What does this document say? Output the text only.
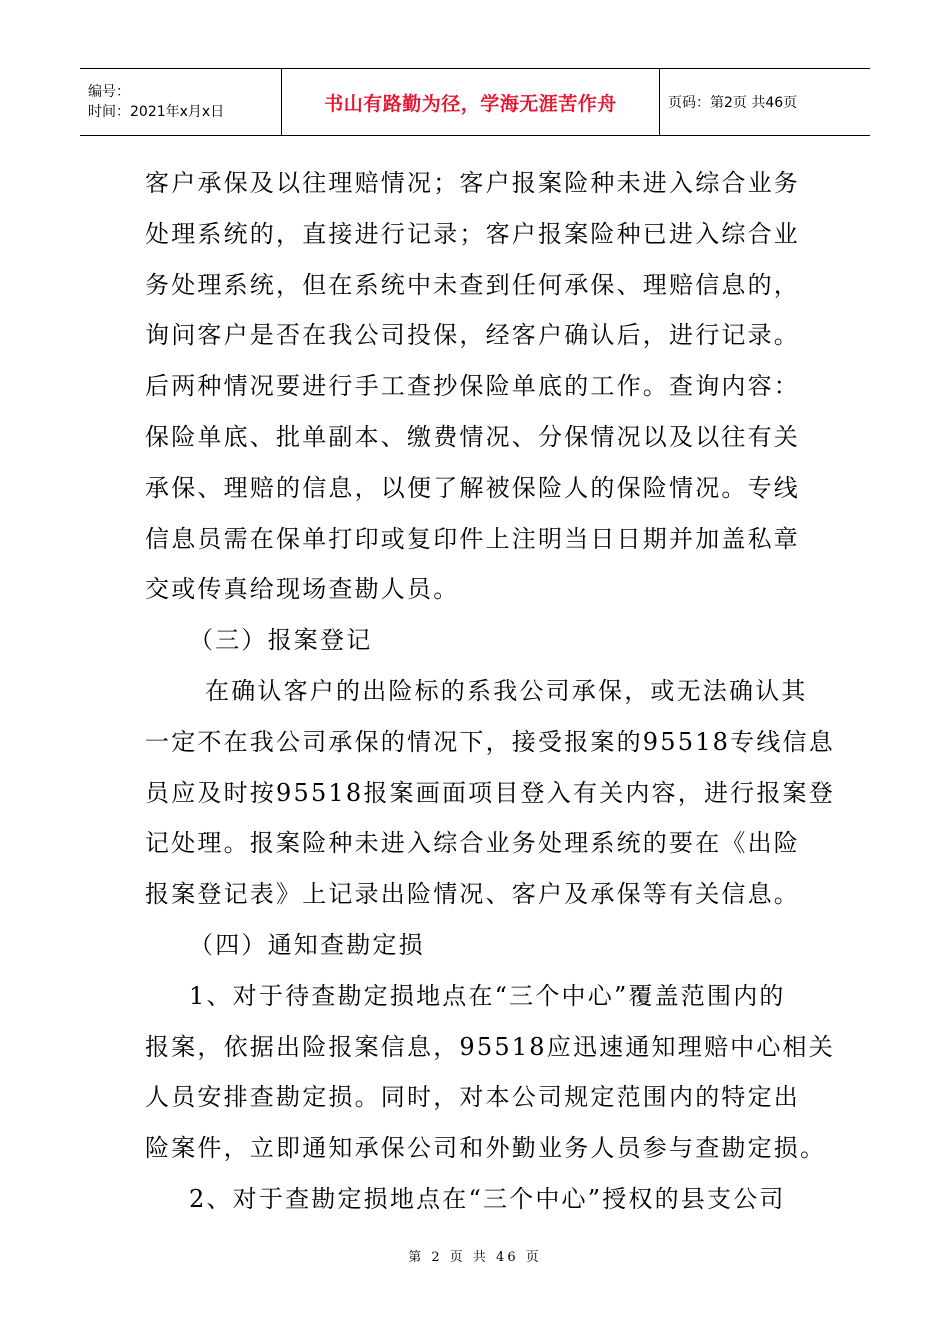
编号：
时间：2021年x月x日	书山有路勤为径，学海无涯苦作舟	页码：第2页 共46页

客户承保及以往理赔情况；客户报案险种未进入综合业务

处理系统的，直接进行记录；客户报案险种已进入综合业

务处理系统，但在系统中未查到任何承保、理赔信息的，

询问客户是否在我公司投保，经客户确认后，进行记录。

后两种情况要进行手工查抄保险单底的工作。查询内容：

保险单底、批单副本、缴费情况、分保情况以及以往有关

承保、理赔的信息，以便了解被保险人的保险情况。专线

信息员需在保单打印或复印件上注明当日日期并加盖私章

交或传真给现场查勘人员。

（三）报案登记

在确认客户的出险标的系我公司承保，或无法确认其

一定不在我公司承保的情况下，接受报案的95518专线信息

员应及时按95518报案画面项目登入有关内容，进行报案登

记处理。报案险种未进入综合业务处理系统的要在《出险

报案登记表》上记录出险情况、客户及承保等有关信息。

（四）通知查勘定损

1、对于待查勘定损地点在“三个中心”覆盖范围内的

报案，依据出险报案信息，95518应迅速通知理赔中心相关

人员安排查勘定损。同时，对本公司规定范围内的特定出

险案件，立即通知承保公司和外勤业务人员参与查勘定损。

2、对于查勘定损地点在“三个中心”授权的县支公司

第 2 页 共 46 页
